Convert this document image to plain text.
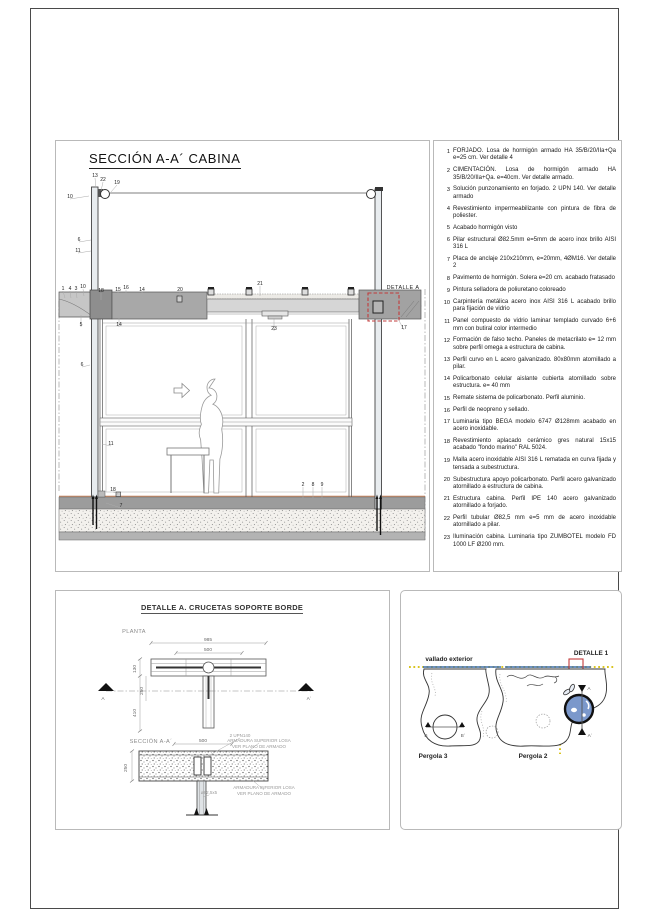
SECCIÓN A-A´ CABINA
13
22 19
10
6
11
1 4 3 10
18 15 16 14	20
21
DETALLE A
5	14
23	17
6
11
18
7
2 8 9
1 FORJADO. Losa de hormigón armado HA 35/B/20/IIa+Qa e=25 cm. Ver detalle 4
2 CIMENTACIÓN. Losa de hormigón armado HA 35/B/20/IIa+Qa. e=40cm. Ver detalle armado.
3 Solución punzonamiento en forjado. 2 UPN 140. Ver detalle armado
4 Revestimiento impermeabilizante con pintura de fibra de poliester.
5 Acabado hormigón visto
6 Pilar estructural Ø82.5mm e=5mm de acero inox brillo AISI 316 L
7 Placa de anclaje 210x210mm, e=20mm, 4ØM16. Ver detalle 2
8 Pavimento de hormigón. Solera e=20 cm. acabado fratasado
9 Pintura selladora de poliuretano coloreado
10 Carpintería metálica acero inox AISI 316 L acabado brillo para fijación de vidrio
11 Panel compuesto de vidrio laminar templado curvado 6+6 mm con butiral color intermedio
12 Formación de falso techo. Paneles de metacrilato e= 12 mm sobre perfil omega a estructura de cabina.
13 Perfil curvo en L acero galvanizado. 80x80mm atornillado a pilar.
14 Policarbonato celular aislante cubierta atornillado sobre estructura. e= 40 mm
15 Remate sistema de policarbonato. Perfil aluminio.
16 Perfil de neopreno y sellado.
17 Luminaria tipo BEGA modelo 6747 Ø128mm acabado en acero inoxidable.
18 Revestimiento aplacado cerámico gres natural 15x15 acabado "fondo marino" RAL 5024.
19 Malla acero inoxidable AISI 316 L rematada en curva fijada y tensada a subestructura.
20 Subestructura apoyo policarbonato. Perfil acero galvanizado atornillado a estructura de cabina.
21 Estructura cabina. Perfil IPE 140 acero galvanizado atornillado a forjado.
22 Perfil tubular Ø82,5 mm e=5 mm de acero inoxidable atornillado a pilar.
23 Iluminación cabina. Luminaria tipo ZUMBOTEL modelo FD 1000 LF Ø200 mm.
DETALLE A. CRUCETAS SOPORTE BORDE
PLANTA
985
500
130
250
410
A	A´
SECCIÓN A-A´	500
250
2 UPN140
ARMADURA SUPERIOR LOSA
VER PLANO DE ARMADO
ARMADURA INFERIOR LOSA
VER PLANO DE ARMADO
ø82,5x5
vallado exterior
DETALLE 1
Pergola 3	Pergola 2
A
A´
B	B´
